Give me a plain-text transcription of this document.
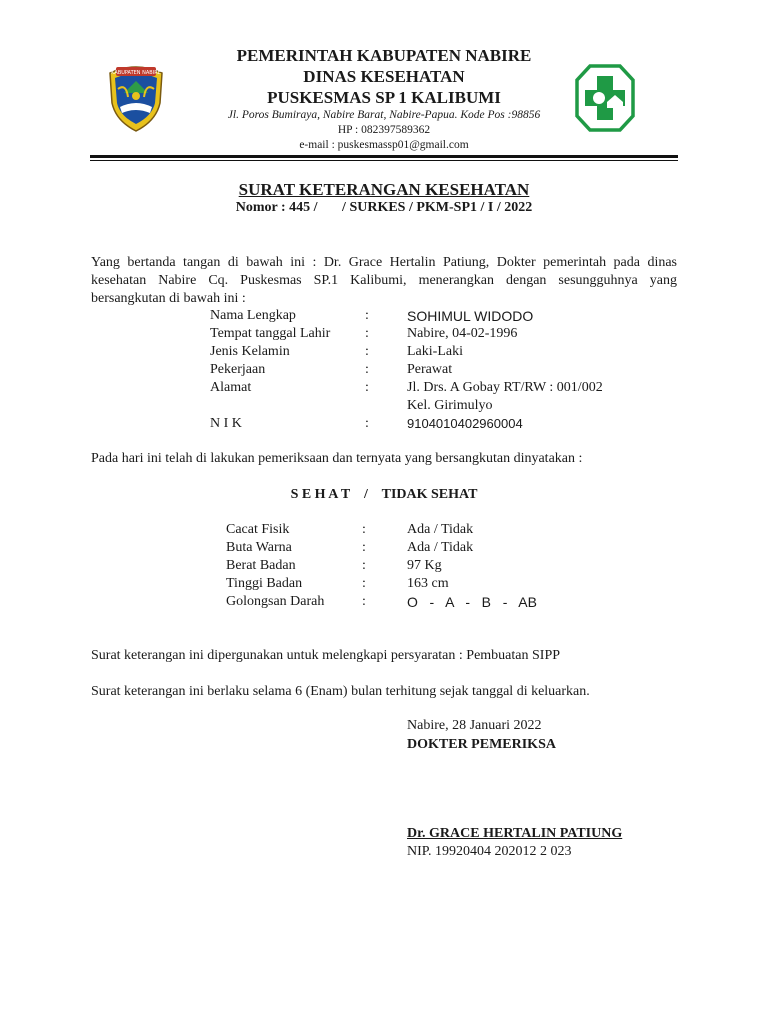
KABUPATEN NABIRE
PEMERINTAH KABUPATEN NABIRE
DINAS KESEHATAN
PUSKESMAS SP 1 KALIBUMI
Jl. Poros Bumiraya, Nabire Barat, Nabire-Papua. Kode Pos :98856
HP : 082397589362
e-mail : puskesmassp01@gmail.com
SURAT KETERANGAN KESEHATAN
Nomor : 445 /       / SURKES / PKM-SP1 / I / 2022
Yang bertanda tangan di bawah ini : Dr. Grace Hertalin Patiung, Dokter pemerintah pada dinas kesehatan Nabire Cq. Puskesmas SP.1 Kalibumi, menerangkan dengan sesungguhnya yang bersangkutan di bawah ini :
Nama Lengkap	:	SOHIMUL WIDODO
Tempat tanggal Lahir :	Nabire, 04-02-1996
Jenis Kelamin	:	Laki-Laki
Pekerjaan	:	Perawat
Alamat	:	Jl. Drs. A Gobay RT/RW : 001/002
Kel. Girimulyo
N I K	:	9104010402960004
Pada hari ini telah di lakukan pemeriksaan dan ternyata yang bersangkutan dinyatakan :
S E H A T    /    TIDAK SEHAT
Cacat Fisik	:	Ada / Tidak
Buta Warna	:	Ada / Tidak
Berat Badan	:	97 Kg
Tinggi Badan	:	163 cm
Golongsan Darah	:	O   -   A   -   B   -   AB
Surat keterangan ini dipergunakan untuk melengkapi persyaratan : Pembuatan SIPP
Surat keterangan ini berlaku selama 6 (Enam) bulan terhitung sejak tanggal di keluarkan.
Nabire, 28 Januari 2022
DOKTER PEMERIKSA
Dr. GRACE HERTALIN PATIUNG
NIP. 19920404 202012 2 023
